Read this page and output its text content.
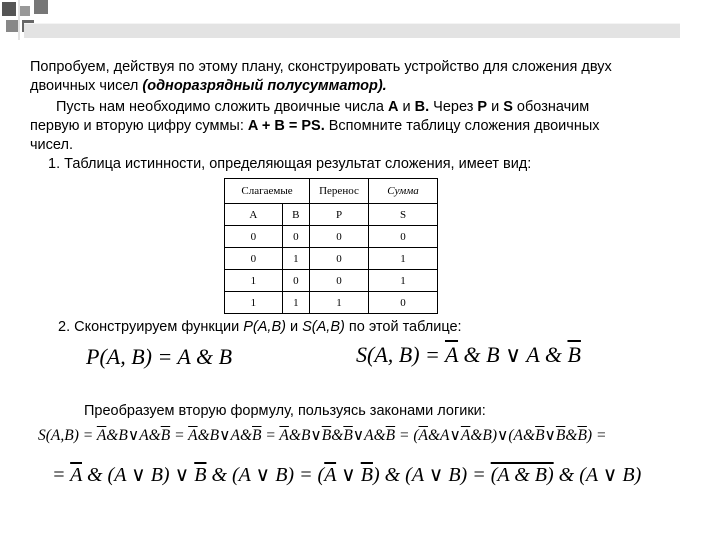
Попробуем, действуя по этому плану, сконструировать устройство для сложения двух
двоичных чисел (одноразрядный полусумматор).
Пусть нам необходимо сложить двоичные числа A и B. Через P и S обозначим
первую и вторую цифру суммы: A + B = PS. Вспомните таблицу сложения двоичных
чисел.
1. Таблица истинности, определяющая результат сложения, имеет вид:
Слагаемые		Перенос	Сумма
A	B	P	S
0	0	0	0
0	1	0	1
1	0	0	1
1	1	1	0
2. Сконструируем функции P(A,B) и S(A,B) по этой таблице:
P(A, B) = A & B	S(A, $B) = \overline{A}$ & B ∨ A & $\overline{B}$
Преобразуем вторую формулу, пользуясь законами логики:
$S(A,B) = \overline{A}\&B\vee A\&\overline{B}$ = $\overline{A}\&B\vee A\&\overline{B}$ = $\overline{A}\&B\vee\overline{B}\&\overline{B}\vee A\&\overline{B}$ = $(\overline{A}\&A\vee\overline{A}\&B)\vee(A\&\overline{B}\vee\overline{B}\&\overline{B})$ =
= $\overline{A}$ & (A ∨ B) ∨ $\overline{B}$ & (A ∨ $B) = (\overline{A}$ ∨ $\overline{B}$) & (A ∨ B) = (A & B) & (A ∨ B)
